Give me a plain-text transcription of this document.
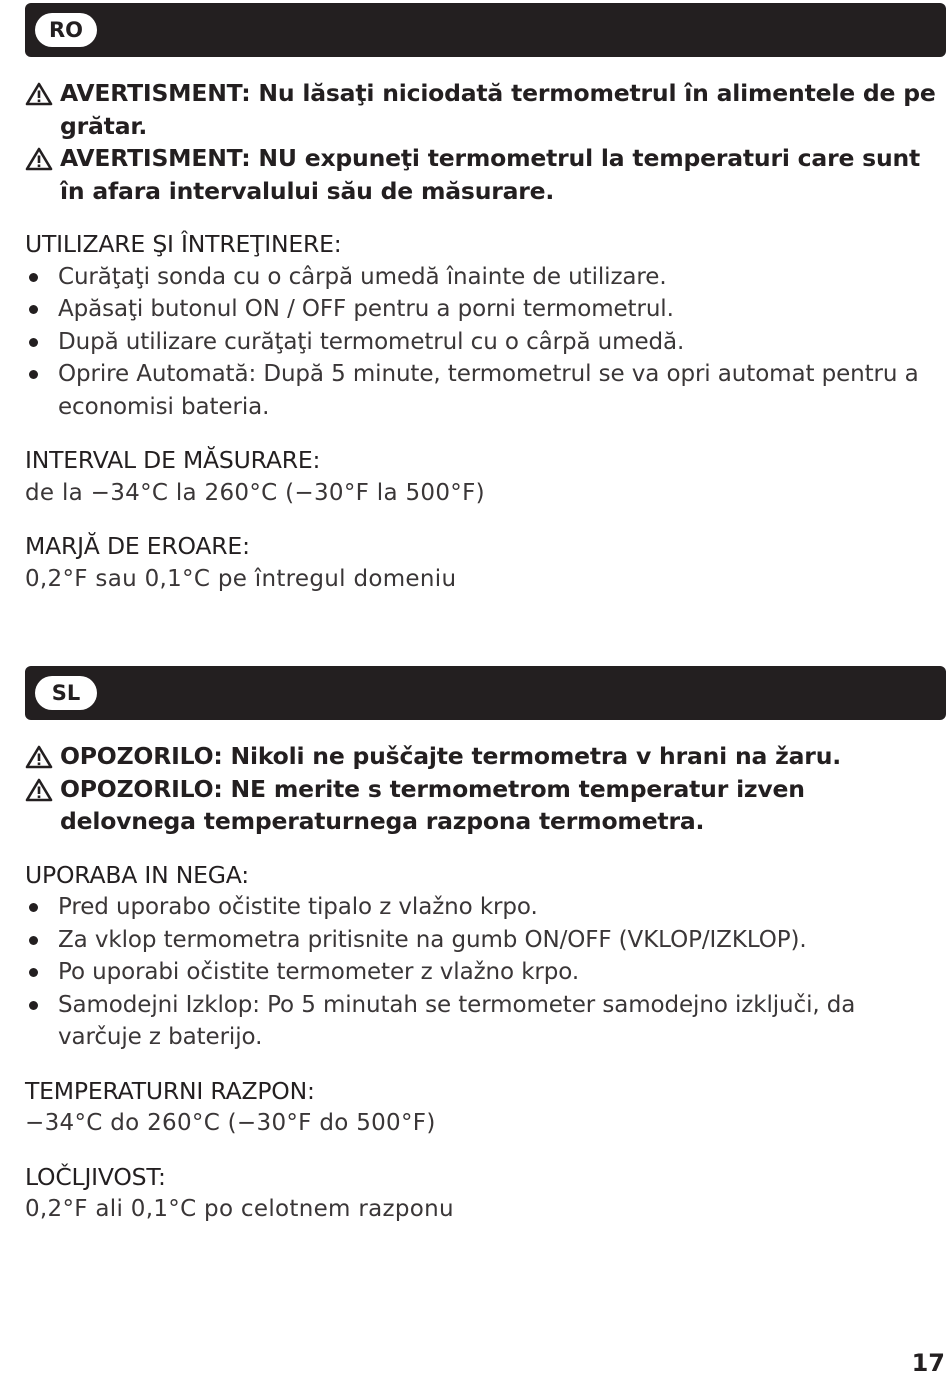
RO
AVERTISMENT: Nu lăsaţi niciodată termometrul în alimentele de pe grătar.
AVERTISMENT: NU expuneţi termometrul la temperaturi care sunt în afara intervalului său de măsurare.
UTILIZARE ŞI ÎNTREŢINERE:
Curăţaţi sonda cu o cârpă umedă înainte de utilizare.
Apăsaţi butonul ON / OFF pentru a porni termometrul.
După utilizare curăţaţi termometrul cu o cârpă umedă.
Oprire Automată: După 5 minute, termometrul se va opri automat pentru a economisi bateria.
INTERVAL DE MĂSURARE:
de la −34°C la 260°C (−30°F la 500°F)
MARJĂ DE EROARE:
0,2°F sau 0,1°C pe întregul domeniu
SL
OPOZORILO: Nikoli ne puščajte termometra v hrani na žaru.
OPOZORILO: NE merite s termometrom temperatur izven delovnega temperaturnega razpona termometra.
UPORABA IN NEGA:
Pred uporabo očistite tipalo z vlažno krpo.
Za vklop termometra pritisnite na gumb ON/OFF (VKLOP/IZKLOP).
Po uporabi očistite termometer z vlažno krpo.
Samodejni Izklop: Po 5 minutah se termometer samodejno izključi, da varčuje z baterijo.
TEMPERATURNI RAZPON:
−34°C do 260°C (−30°F do 500°F)
LOČLJIVOST:
0,2°F ali 0,1°C po celotnem razponu
17
